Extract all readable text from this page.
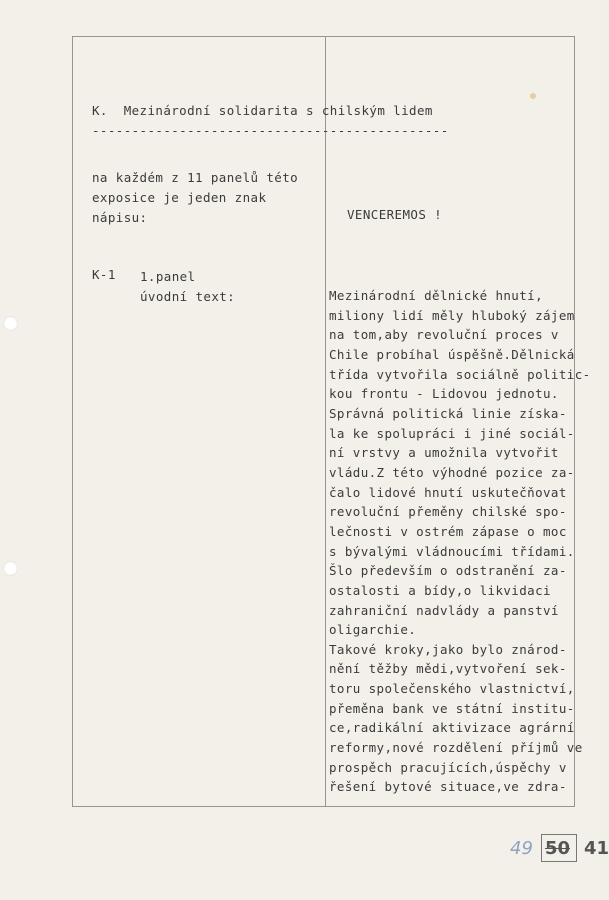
K.  Mezinárodní solidarita s chilským lidem
---------------------------------------------
na každém z 11 panelů této
exposice je jeden znak
nápisu:	VENCEREMOS !
K-1 1.panel
úvodní text:	Mezinárodní dělnické hnutí,
miliony lidí měly hluboký zájem
na tom,aby revoluční proces v
Chile probíhal úspěšně.Dělnická
třída vytvořila sociálně politic-
kou frontu - Lidovou jednotu.
Správná politická linie získa-
la ke spolupráci i jiné sociál-
ní vrstvy a umožnila vytvořit
vládu.Z této výhodné pozice za-
čalo lidové hnutí uskutečňovat
revoluční přeměny chilské spo-
lečnosti v ostrém zápase o moc
s bývalými vládnoucími třídami.
Šlo především o odstranění za-
ostalosti a bídy,o likvidaci
zahraniční nadvlády a panství
oligarchie.
Takové kroky,jako bylo znárod-
nění těžby mědi,vytvoření sek-
toru společenského vlastnictví,
přeměna bank ve státní institu-
ce,radikální aktivizace agrární
reformy,nové rozdělení příjmů ve
prospěch pracujících,úspěchy v
řešení bytové situace,ve zdra-
49 50 41
